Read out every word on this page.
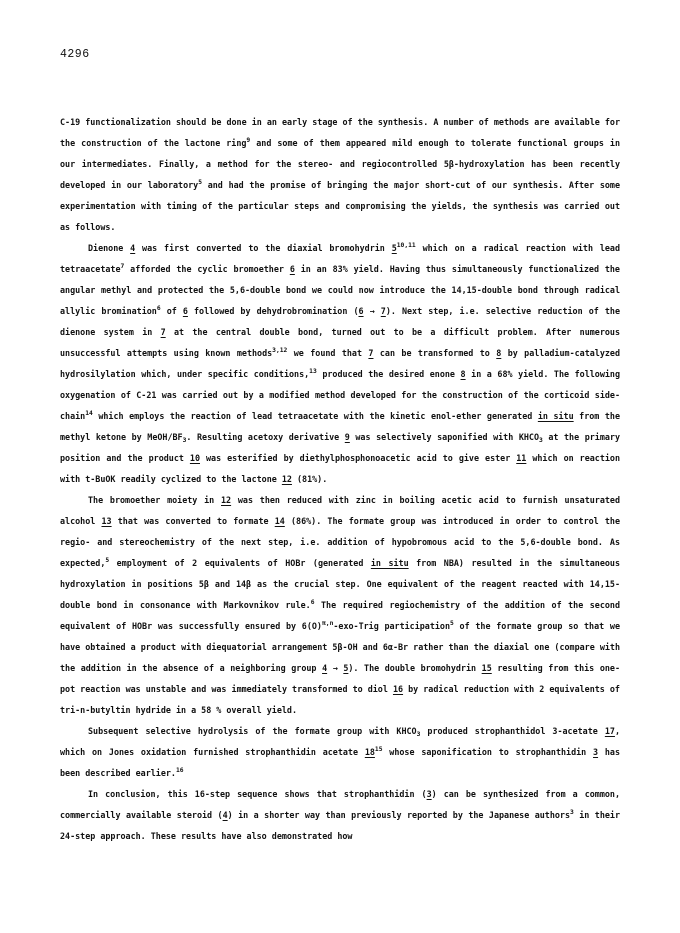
4296

C-19 functionalization should be done in an early stage of the synthesis. A number of methods are available for the construction of the lactone ring$^9$ and some of them appeared mild enough to tolerate functional groups in our intermediates. Finally, a method for the stereo- and regiocontrolled 5β-hydroxylation has been recently developed in our laboratory$^5$ and had the promise of bringing the major short-cut of our synthesis. After some experimentation with timing of the particular steps and compromising the yields, the synthesis was carried out as follows.

Dienone 4 was first converted to the diaxial bromohydrin 5$^{10,11}$ which on a radical reaction with lead tetraacetate$^7$ afforded the cyclic bromoether 6 in an 83% yield. Having thus simultaneously functionalized the angular methyl and protected the 5,6-double bond we could now introduce the 14,15-double bond through radical allylic bromination$^6$ of 6 followed by dehydrobromination (6 → 7). Next step, i.e. selective reduction of the dienone system in 7 at the central double bond, turned out to be a difficult problem. After numerous unsuccessful attempts using known methods$^{3,12}$ we found that 7 can be transformed to 8 by palladium-catalyzed hydrosilylation which, under specific conditions,$^{13}$ produced the desired enone 8 in a 68% yield. The following oxygenation of C-21 was carried out by a modified method developed for the construction of the corticoid side-chain$^{14}$ which employs the reaction of lead tetraacetate with the kinetic enol-ether generated in situ from the methyl ketone by MeOH/$BF_3$. Resulting acetoxy derivative 9 was selectively saponified with $KHCO_3$ at the primary position and the product 10 was esterified by diethylphosphonoacetic acid to give ester 11 which on reaction with t-BuOK readily cyclized to the lactone 12 (81%).

The bromoether moiety in 12 was then reduced with zinc in boiling acetic acid to furnish unsaturated alcohol 13 that was converted to formate 14 (86%). The formate group was introduced in order to control the regio- and stereochemistry of the next step, i.e. addition of hypobromous acid to the 5,6-double bond. As expected,$^5$ employment of 2 equivalents of HOBr (generated in situ from NBA) resulted in the simultaneous hydroxylation in positions 5β and 14β as the crucial step. One equivalent of the reagent reacted with 14,15-double bond in consonance with Markovnikov rule.$^6$ The required regiochemistry of the addition of the second equivalent of HOBr was successfully ensured by $6(O)^{\pi,n}-exo$-Trig participation$^5$ of the formate group so that we have obtained a product with diequatorial arrangement 5β-OH and 6α-Br rather than the diaxial one (compare with the addition in the absence of a neighboring group 4 → 5). The double bromohydrin 15 resulting from this one-pot reaction was unstable and was immediately transformed to diol 16 by radical reduction with 2 equivalents of tri-n-butyltin hydride in a 58 % overall yield.

Subsequent selective hydrolysis of the formate group with $KHCO_3$ produced strophanthidol 3-acetate 17, which on Jones oxidation furnished strophanthidin acetate $18^{15}$ whose saponification to strophanthidin 3 has been described earlier.$^{16}$

In conclusion, this 16-step sequence shows that strophanthidin (3) can be synthesized from a common, commercially available steroid (4) in a shorter way than previously reported by the Japanese authors$^3$ in their 24-step approach. These results have also demonstrated how
